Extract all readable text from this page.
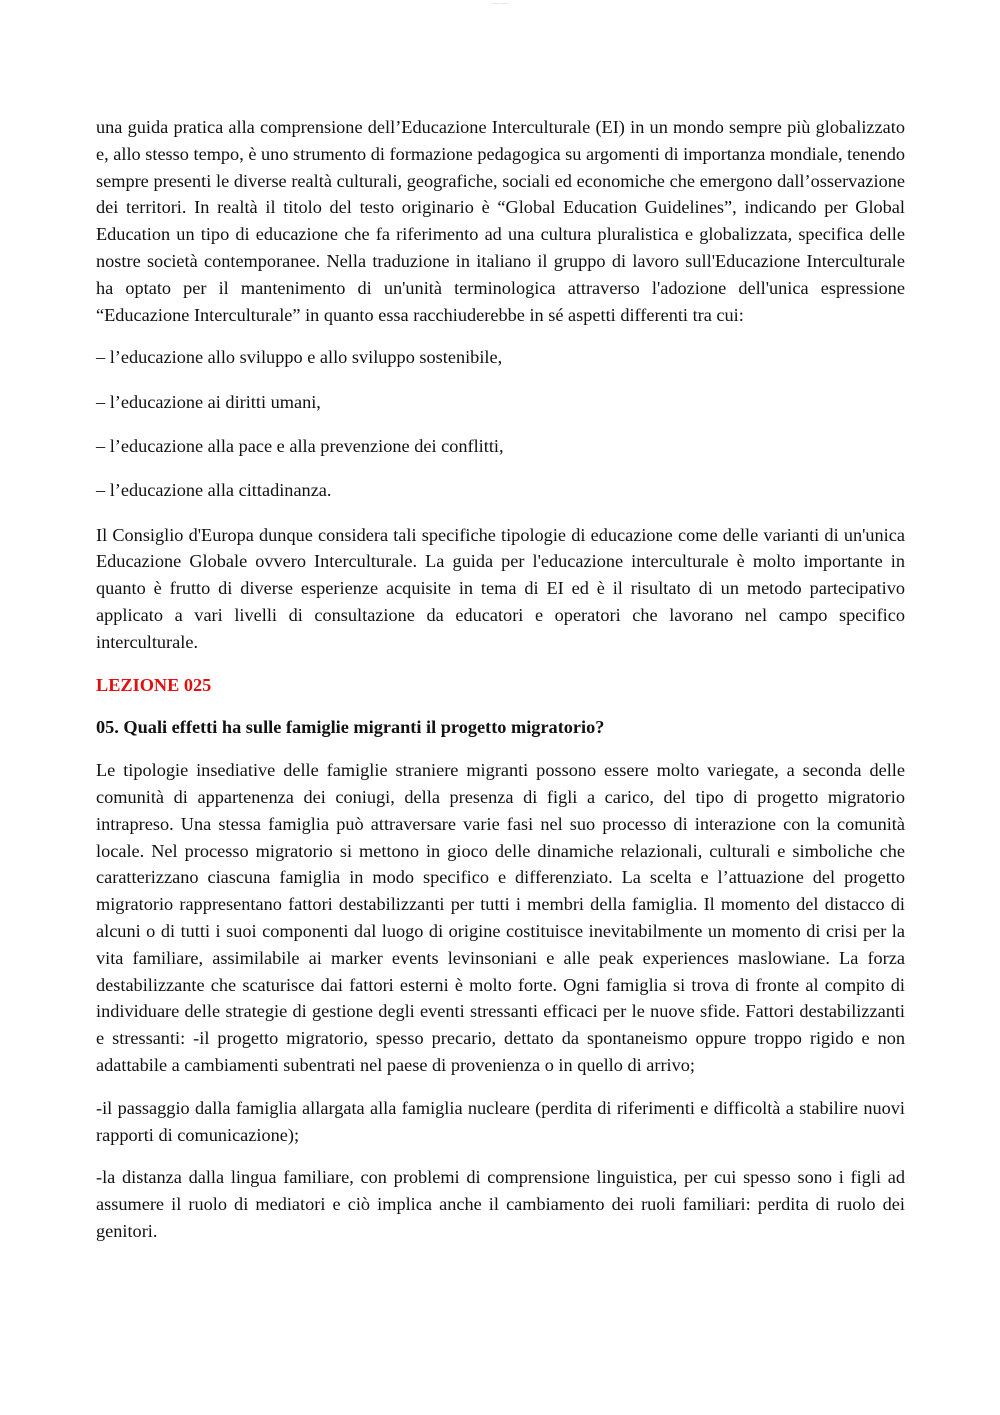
—— ——

una guida pratica alla comprensione dell’Educazione Interculturale (EI) in un mondo sempre più globalizzato e, allo stesso tempo, è uno strumento di formazione pedagogica su argomenti di importanza mondiale, tenendo sempre presenti le diverse realtà culturali, geografiche, sociali ed economiche che emergono dall’osservazione dei territori. In realtà il titolo del testo originario è “Global Education Guidelines”, indicando per Global Education un tipo di educazione che fa riferimento ad una cultura pluralistica e globalizzata, specifica delle nostre società contemporanee. Nella traduzione in italiano il gruppo di lavoro sull'Educazione Interculturale ha optato per il mantenimento di un'unità terminologica attraverso l'adozione dell'unica espressione “Educazione Interculturale” in quanto essa racchiuderebbe in sé aspetti differenti tra cui:

– l’educazione allo sviluppo e allo sviluppo sostenibile,

– l’educazione ai diritti umani,

– l’educazione alla pace e alla prevenzione dei conflitti,

– l’educazione alla cittadinanza.

Il Consiglio d'Europa dunque considera tali specifiche tipologie di educazione come delle varianti di un'unica Educazione Globale ovvero Interculturale. La guida per l'educazione interculturale è molto importante in quanto è frutto di diverse esperienze acquisite in tema di EI ed è il risultato di un metodo partecipativo applicato a vari livelli di consultazione da educatori e operatori che lavorano nel campo specifico interculturale.

LEZIONE 025

05. Quali effetti ha sulle famiglie migranti il progetto migratorio?

Le tipologie insediative delle famiglie straniere migranti possono essere molto variegate, a seconda delle comunità di appartenenza dei coniugi, della presenza di figli a carico, del tipo di progetto migratorio intrapreso. Una stessa famiglia può attraversare varie fasi nel suo processo di interazione con la comunità locale. Nel processo migratorio si mettono in gioco delle dinamiche relazionali, culturali e simboliche che caratterizzano ciascuna famiglia in modo specifico e differenziato. La scelta e l’attuazione del progetto migratorio rappresentano fattori destabilizzanti per tutti i membri della famiglia. Il momento del distacco di alcuni o di tutti i suoi componenti dal luogo di origine costituisce inevitabilmente un momento di crisi per la vita familiare, assimilabile ai marker events levinsoniani e alle peak experiences maslowiane. La forza destabilizzante che scaturisce dai fattori esterni è molto forte. Ogni famiglia si trova di fronte al compito di individuare delle strategie di gestione degli eventi stressanti efficaci per le nuove sfide. Fattori destabilizzanti e stressanti: -il progetto migratorio, spesso precario, dettato da spontaneismo oppure troppo rigido e non adattabile a cambiamenti subentrati nel paese di provenienza o in quello di arrivo;

-il passaggio dalla famiglia allargata alla famiglia nucleare (perdita di riferimenti e difficoltà a stabilire nuovi rapporti di comunicazione);

-la distanza dalla lingua familiare, con problemi di comprensione linguistica, per cui spesso sono i figli ad assumere il ruolo di mediatori e ciò implica anche il cambiamento dei ruoli familiari: perdita di ruolo dei genitori.
